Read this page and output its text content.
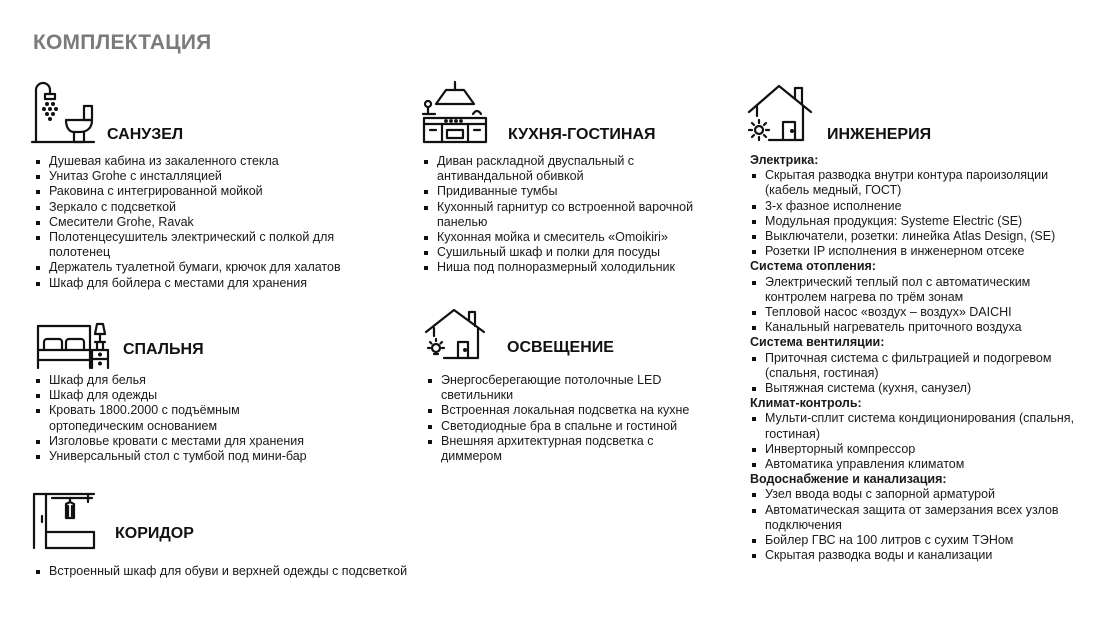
КОМПЛЕКТАЦИЯ
САНУЗЕЛ
Душевая кабина из закаленного стекла
Унитаз Grohe с инсталляцией
Раковина с интегрированной мойкой
Зеркало с подсветкой
Смесители Grohe, Ravak
Полотенцесушитель электрический с полкой для полотенец
Держатель туалетной бумаги, крючок для халатов
Шкаф для бойлера с местами для хранения
КУХНЯ-ГОСТИНАЯ
Диван раскладной двуспальный с антивандальной обивкой
Придиванные тумбы
Кухонный гарнитур со встроенной варочной панелью
Кухонная мойка и смеситель «Omoikiri»
Сушильный шкаф и полки для посуды
Ниша под полноразмерный холодильник
ИНЖЕНЕРИЯ
Электрика:
Скрытая разводка внутри контура пароизоляции (кабель медный, ГОСТ)
3-х фазное исполнение
Модульная продукция: Systeme Electric (SE)
Выключатели, розетки: линейка Atlas Design, (SE)
Розетки IP исполнения в инженерном отсеке
Система отопления:
Электрический теплый пол с автоматическим контролем нагрева по трём зонам
Тепловой насос «воздух – воздух» DAICHI
Канальный нагреватель приточного воздуха
Система вентиляции:
Приточная система с фильтрацией и подогревом (спальня, гостиная)
Вытяжная система (кухня, санузел)
Климат-контроль:
Мульти-сплит система кондиционирования (спальня, гостиная)
Инверторный компрессор
Автоматика управления климатом
Водоснабжение и канализация:
Узел ввода воды с запорной арматурой
Автоматическая защита от замерзания всех узлов подключения
Бойлер ГВС на 100 литров с сухим ТЭНом
Скрытая разводка воды и канализации
СПАЛЬНЯ
Шкаф для белья
Шкаф для одежды
Кровать 1800.2000 с подъёмным ортопедическим основанием
Изголовье кровати с местами для хранения
Универсальный стол с тумбой под мини-бар
ОСВЕЩЕНИЕ
Энергосберегающие потолочные LED светильники
Встроенная локальная подсветка на кухне
Светодиодные бра в спальне и гостиной
Внешняя архитектурная подсветка с диммером
КОРИДОР
Встроенный шкаф для обуви и верхней одежды с подсветкой
